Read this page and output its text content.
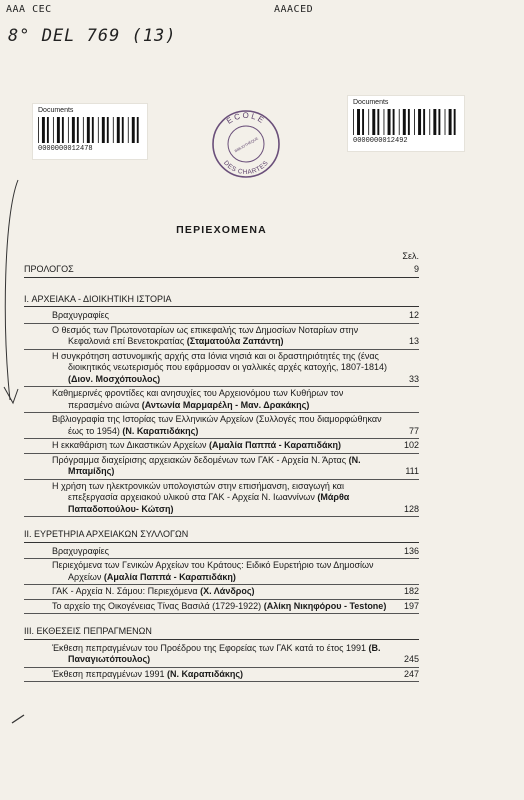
AAA CEC	AAACED
8° DEL 769 (13)
Documents
0000000012478
Documents
0000000012492
ECOLE
DES CHARTES
BIBLIOTHÈQUE
ΠΕΡΙΕΧΟΜΕΝΑ
Σελ.
ΠΡΟΛΟΓΟΣ	9
I. ΑΡΧΕΙΑΚΑ - ΔΙΟΙΚΗΤΙΚΗ ΙΣΤΟΡΙΑ
Βραχυγραφίες	12
Ο θεσμός των Πρωτονοταρίων ως επικεφαλής των Δημοσίων Νοταρίων στην Κεφαλονιά επί Βενετοκρατίας (Σταματούλα Ζαπάντη)	13
Η συγκρότηση αστυνομικής αρχής στα Ιόνια νησιά και οι δραστηριότητές της (ένας διοικητικός νεωτερισμός που εφάρμοσαν οι γαλλικές αρχές κατοχής, 1807-1814) (Διον. Μοσχόπουλος)	33
Καθημερινές φροντίδες και ανησυχίες του Αρχειονόμου των Κυθήρων τον περασμένο αιώνα (Αντωνία Μαρμαρέλη - Μαν. Δρακάκης)
Βιβλιογραφία της Ιστορίας των Ελληνικών Αρχείων (Συλλογές που διαμορφώθηκαν έως το 1954) (Ν. Καραπιδάκης)	77
Η εκκαθάριση των Δικαστικών Αρχείων (Αμαλία Παππά - Καραπιδάκη)	102
Πρόγραμμα διαχείρισης αρχειακών δεδομένων των ΓΑΚ - Αρχεία Ν. Άρτας (Ν. Μπαμίδης)	111
Η χρήση των ηλεκτρονικών υπολογιστών στην επισήμανση, εισαγωγή και επεξεργασία αρχειακού υλικού στα ΓΑΚ - Αρχεία Ν. Ιωαννίνων (Μάρθα Παπαδοπούλου- Κώτση)	128
II. ΕΥΡΕΤΗΡΙΑ ΑΡΧΕΙΑΚΩΝ ΣΥΛΛΟΓΩΝ
Βραχυγραφίες	136
Περιεχόμενα των Γενικών Αρχείων του Κράτους: Ειδικό Ευρετήριο των Δημοσίων Αρχείων (Αμαλία Παππά - Καραπιδάκη)
ΓΑΚ - Αρχεία Ν. Σάμου: Περιεχόμενα (Χ. Λάνδρος)	182
Το αρχείο της Οικογένειας Τίνας Βασιλά (1729-1922) (Αλίκη Νικηφόρου - Testone)	197
III. ΕΚΘΕΣΕΙΣ ΠΕΠΡΑΓΜΕΝΩΝ
Έκθεση πεπραγμένων του Προέδρου της Εφορείας των ΓΑΚ κατά το έτος 1991 (Β. Παναγιωτόπουλος)	245
Έκθεση πεπραγμένων 1991 (Ν. Καραπιδάκης)	247
